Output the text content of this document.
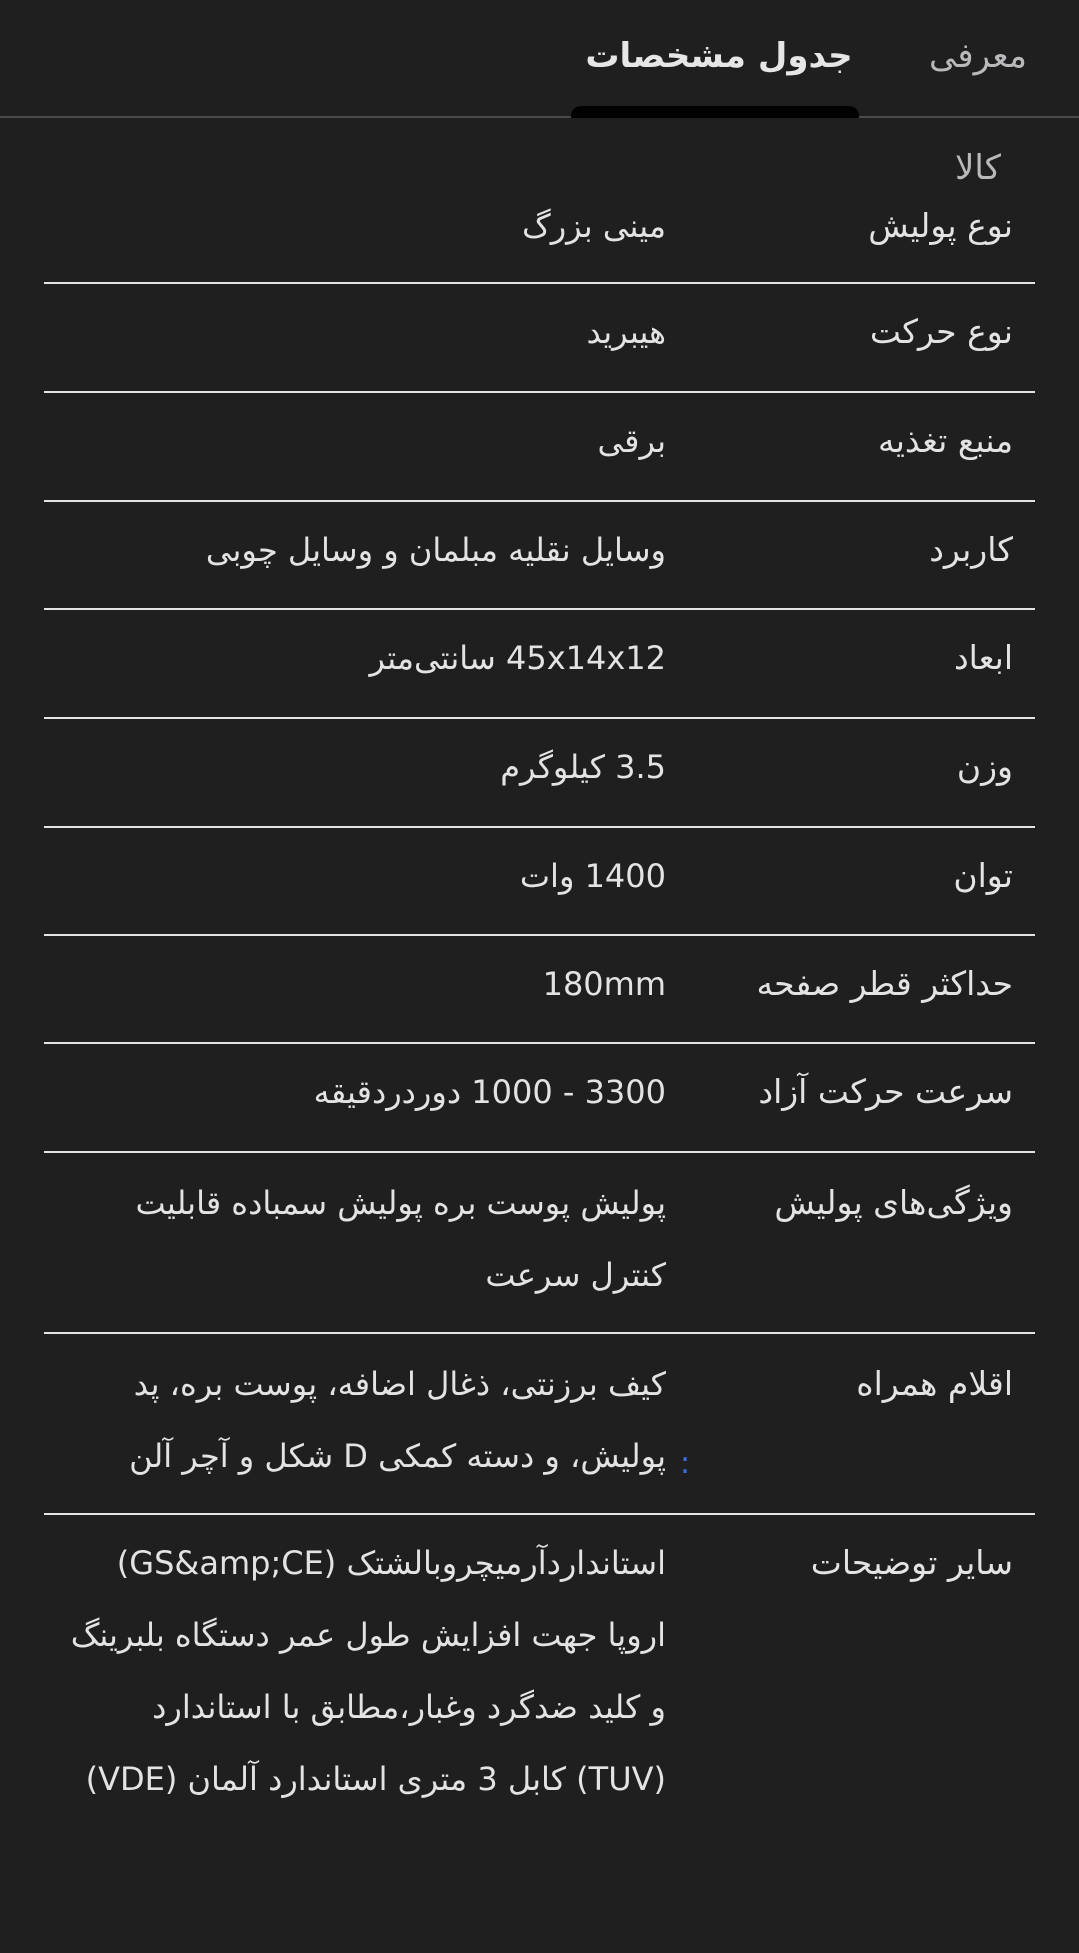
معرفی کالا
جدول مشخصات
نوع پولیش
مینی بزرگ
نوع حرکت
هیبرید
منبع تغذیه
برقی
کاربرد
وسایل نقلیه مبلمان و وسایل چوبی
ابعاد
45x14x12 سانتی‌متر
وزن
3.5 کیلوگرم
توان
1400 وات
حداکثر قطر صفحه
180mm
سرعت حرکت آزاد
3300 - 1000 دوردردقیقه
ویژگی‌های پولیش
پولیش پوست بره پولیش سمباده قابلیت کنترل سرعت
اقلام همراه
کیف برزنتی، ذغال اضافه، پوست بره، پد پولیش، و دسته کمکی D شکل و آچر آلن
سایر توضیحات
استانداردآرمیچروبالشتک (GS&amp;CE) اروپا جهت افزایش طول عمر دستگاه بلبرینگ و کلید ضدگرد وغبار،مطابق با استاندارد (TUV) کابل 3 متری استاندارد آلمان (VDE)
:
